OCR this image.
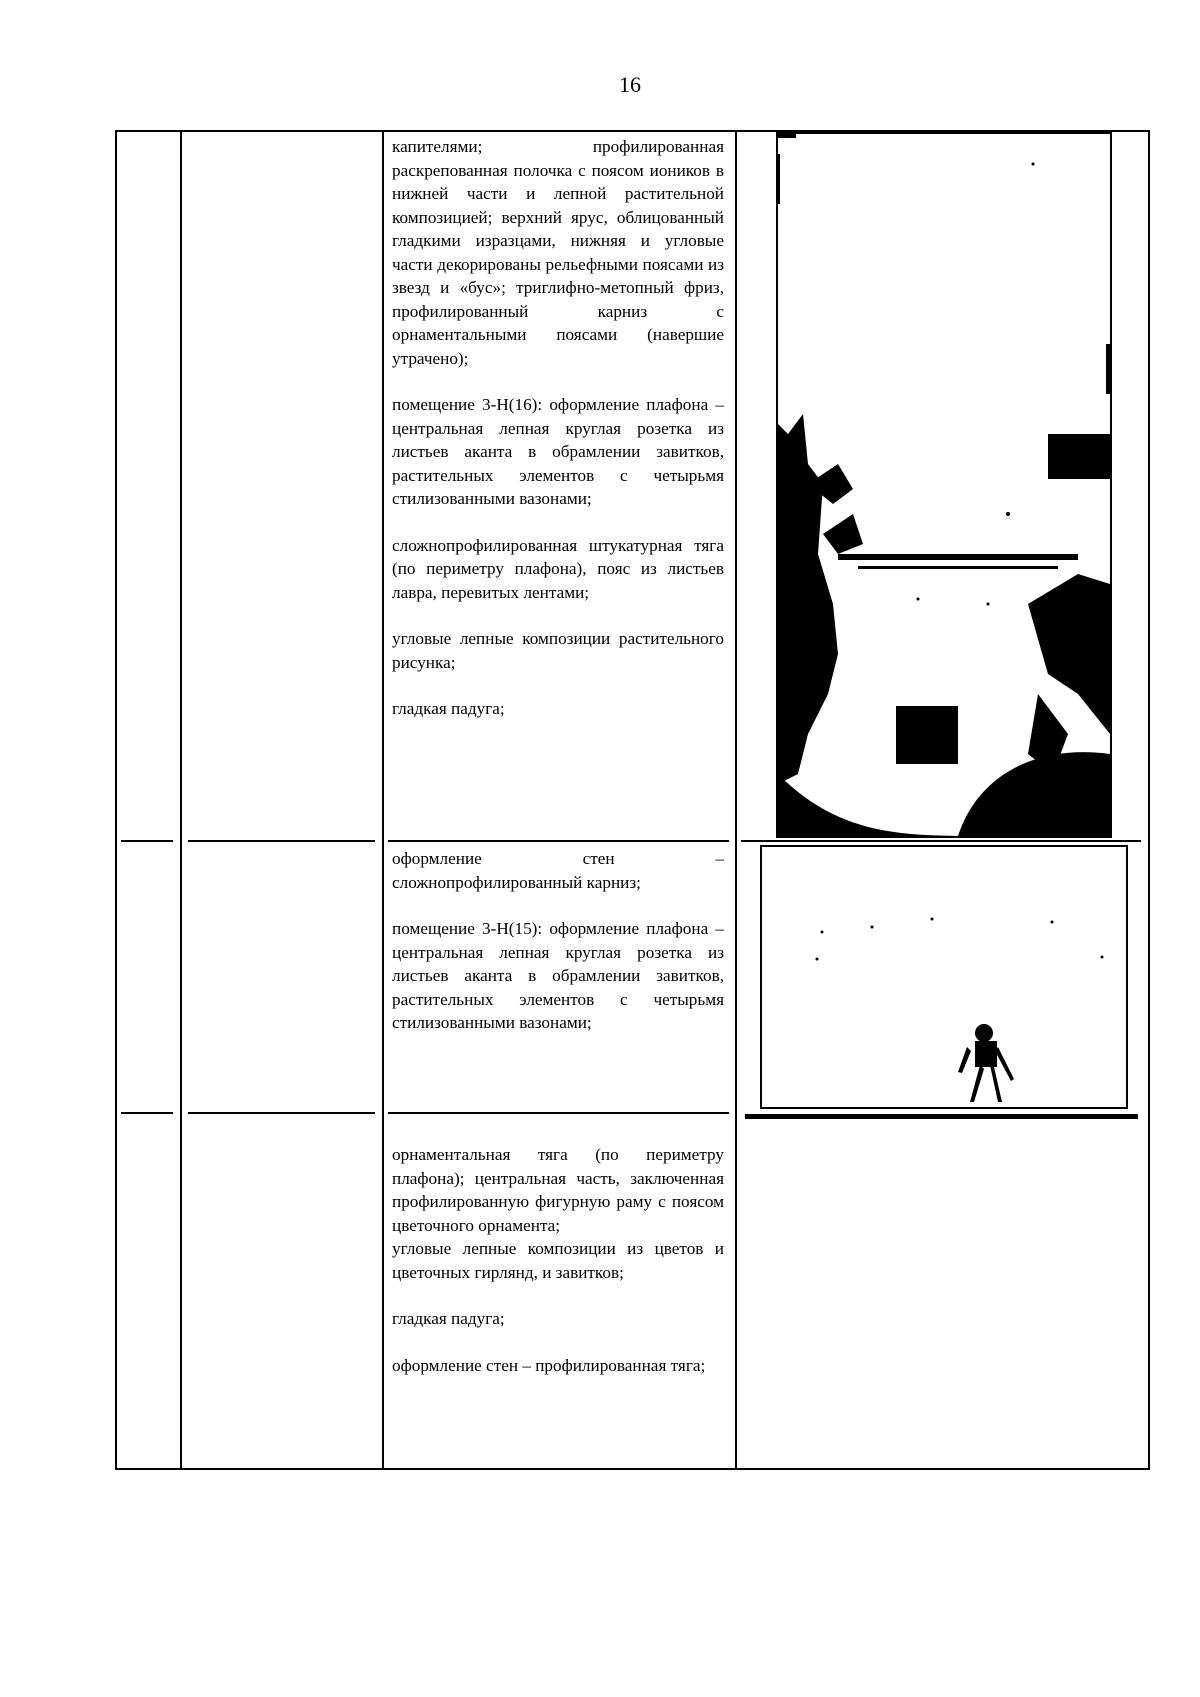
16

капителями; профилированная раскрепованная полочка с поясом иоников в нижней части и лепной растительной композицией; верхний ярус, облицованный гладкими изразцами, нижняя и угловые части декорированы рельефными поясами из звезд и «бус»; триглифно-метопный фриз, профилированный карниз с орнаментальными поясами (навершие утрачено);

помещение 3-Н(16): оформление плафона – центральная лепная круглая розетка из листьев аканта в обрамлении завитков, растительных элементов с четырьмя стилизованными вазонами;

сложнопрофилированная штукатурная тяга (по периметру плафона), пояс из листьев лавра, перевитых лентами;

угловые лепные композиции растительного рисунка;

гладкая падуга;

оформление стен – сложнопрофилированный карниз;

помещение 3-Н(15): оформление плафона – центральная лепная круглая розетка из листьев аканта в обрамлении завитков, растительных элементов с четырьмя стилизованными вазонами;

орнаментальная тяга (по периметру плафона); центральная часть, заключенная профилированную фигурную раму с поясом цветочного орнамента;

угловые лепные композиции из цветов и цветочных гирлянд, и завитков;

гладкая падуга;

оформление стен – профилированная тяга;
